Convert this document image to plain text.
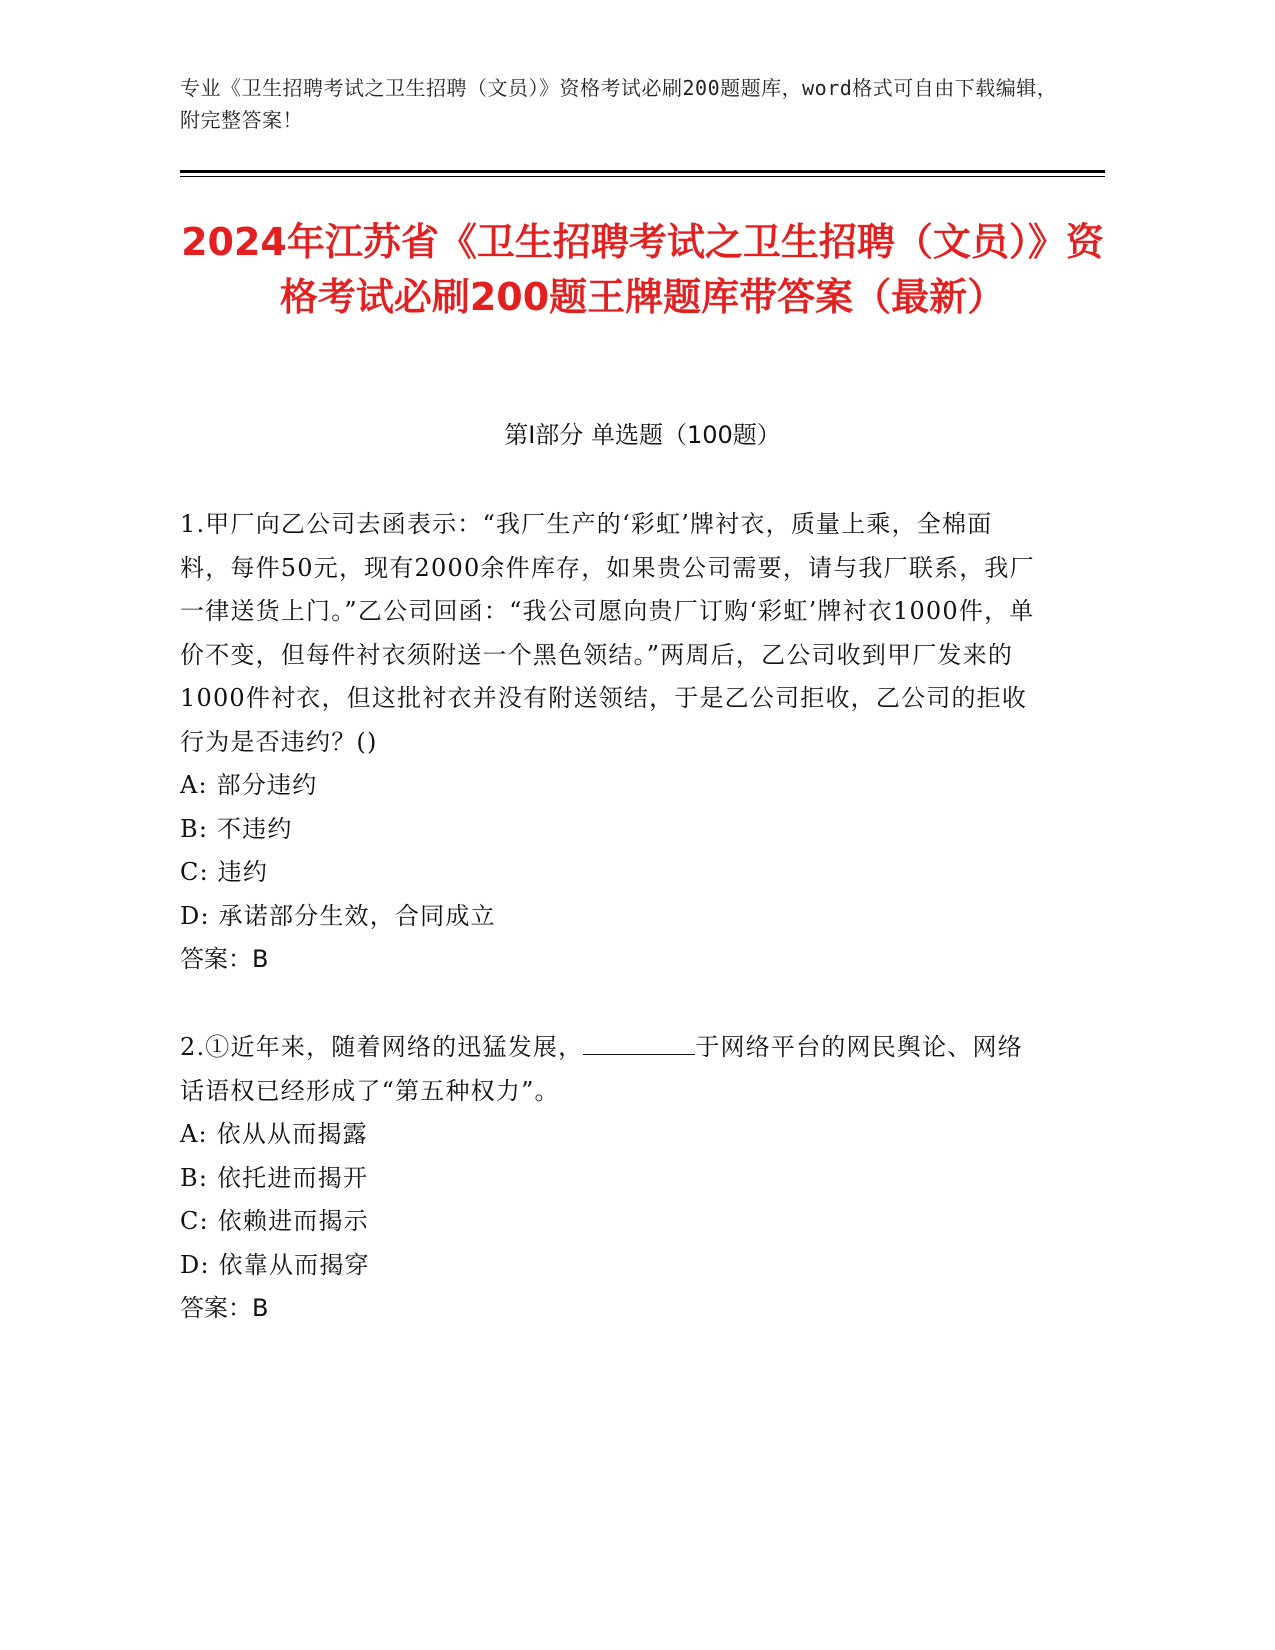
专业《卫生招聘考试之卫生招聘（文员）》资格考试必刷200题题库，word格式可自由下载编辑，附完整答案！
2024年江苏省《卫生招聘考试之卫生招聘（文员）》资格考试必刷200题王牌题库带答案（最新）
第Ⅰ部分 单选题（100题）

1.甲厂向乙公司去函表示：“我厂生产的‘彩虹’牌衬衣，质量上乘，全棉面料，每件50元，现有2000余件库存，如果贵公司需要，请与我厂联系，我厂一律送货上门。”乙公司回函：“我公司愿向贵厂订购‘彩虹’牌衬衣1000件，单价不变，但每件衬衣须附送一个黑色领结。”两周后，乙公司收到甲厂发来的1000件衬衣，但这批衬衣并没有附送领结，于是乙公司拒收，乙公司的拒收行为是否违约？()

A: 部分违约

B: 不违约

C: 违约

D: 承诺部分生效，合同成立

答案：B

2.①近年来，随着网络的迅猛发展，	于网络平台的网民舆论、网络话语权已经形成了“第五种权力”。

A: 依从从而揭露

B: 依托进而揭开

C: 依赖进而揭示

D: 依靠从而揭穿

答案：B
